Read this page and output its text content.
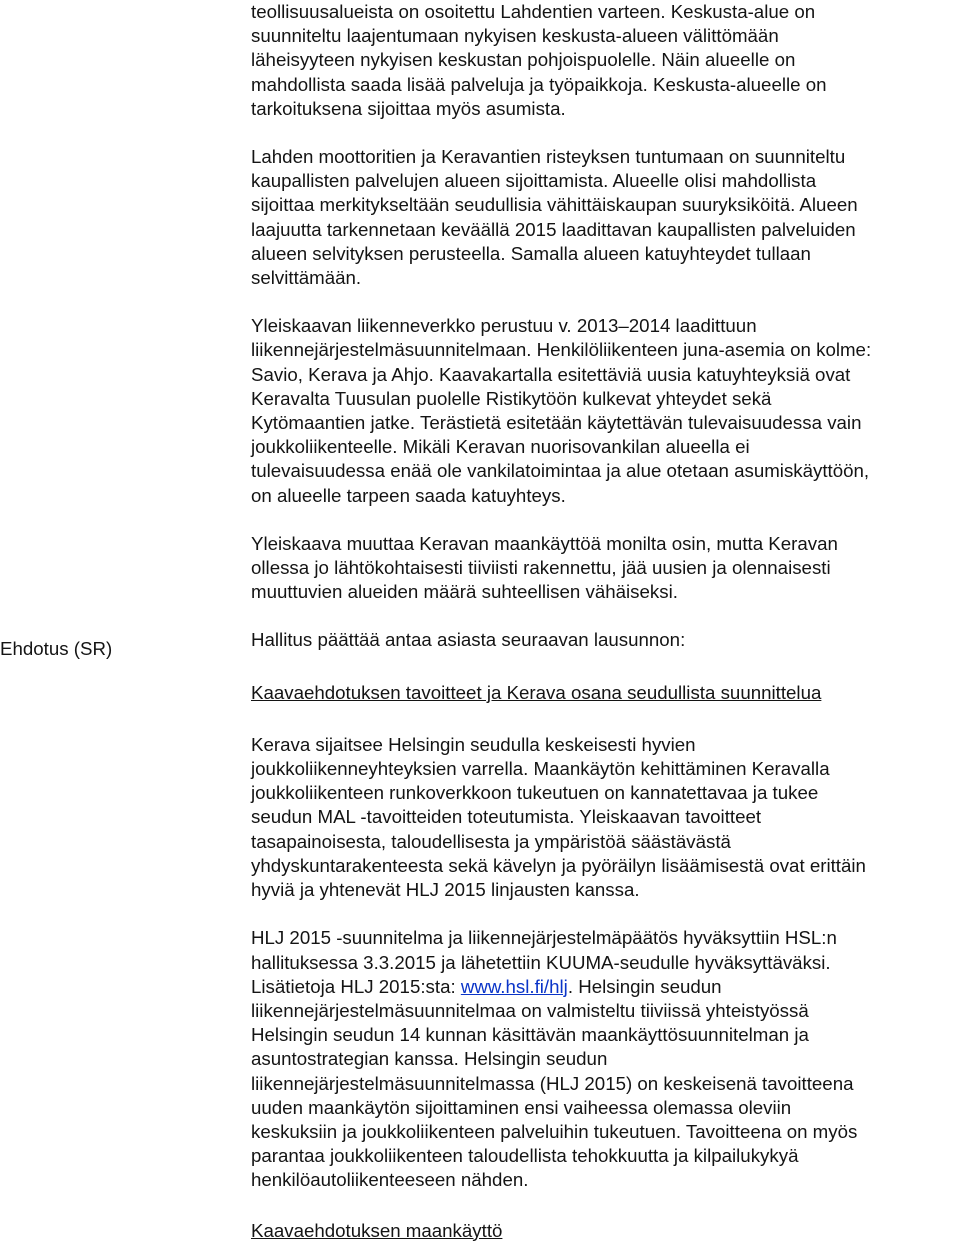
Ehdotus (SR)

teollisuusalueista on osoitettu Lahdentien varteen. Keskusta-alue on
suunniteltu laajentumaan nykyisen keskusta-alueen välittömään
läheisyyteen nykyisen keskustan pohjoispuolelle. Näin alueelle on
mahdollista saada lisää palveluja ja työpaikkoja. Keskusta-alueelle on
tarkoituksena sijoittaa myös asumista.

Lahden moottoritien ja Keravantien risteyksen tuntumaan on suunniteltu
kaupallisten palvelujen alueen sijoittamista. Alueelle olisi mahdollista
sijoittaa merkitykseltään seudullisia vähittäiskaupan suuryksiköitä. Alueen
laajuutta tarkennetaan keväällä 2015 laadittavan kaupallisten palveluiden
alueen selvityksen perusteella. Samalla alueen katuyhteydet tullaan
selvittämään.

Yleiskaavan liikenneverkko perustuu v. 2013–2014 laadittuun
liikennejärjestelmäsuunnitelmaan. Henkilöliikenteen juna-asemia on kolme:
Savio, Kerava ja Ahjo. Kaavakartalla esitettäviä uusia katuyhteyksiä ovat
Keravalta Tuusulan puolelle Ristikytöön kulkevat yhteydet sekä
Kytömaantien jatke. Terästietä esitetään käytettävän tulevaisuudessa vain
joukkoliikenteelle. Mikäli Keravan nuorisovankilan alueella ei
tulevaisuudessa enää ole vankilatoimintaa ja alue otetaan asumiskäyttöön,
on alueelle tarpeen saada katuyhteys.

Yleiskaava muuttaa Keravan maankäyttöä monilta osin, mutta Keravan
ollessa jo lähtökohtaisesti tiiviisti rakennettu, jää uusien ja olennaisesti
muuttuvien alueiden määrä suhteellisen vähäiseksi.

Hallitus päättää antaa asiasta seuraavan lausunnon:

Kaavaehdotuksen tavoitteet ja Kerava osana seudullista suunnittelua

Kerava sijaitsee Helsingin seudulla keskeisesti hyvien
joukkoliikenneyhteyksien varrella. Maankäytön kehittäminen Keravalla
joukkoliikenteen runkoverkkoon tukeutuen on kannatettavaa ja tukee
seudun MAL -tavoitteiden toteutumista. Yleiskaavan tavoitteet
tasapainoisesta, taloudellisesta ja ympäristöä säästävästä
yhdyskuntarakenteesta sekä kävelyn ja pyöräilyn lisäämisestä ovat erittäin
hyviä ja yhtenevät HLJ 2015 linjausten kanssa.

HLJ 2015 -suunnitelma ja liikennejärjestelmäpäätös hyväksyttiin HSL:n
hallituksessa 3.3.2015 ja lähetettiin KUUMA-seudulle hyväksyttäväksi.
Lisätietoja HLJ 2015:sta: www.hsl.fi/hlj. Helsingin seudun
liikennejärjestelmäsuunnitelmaa on valmisteltu tiiviissä yhteistyössä
Helsingin seudun 14 kunnan käsittävän maankäyttösuunnitelman ja
asuntostrategian kanssa. Helsingin seudun
liikennejärjestelmäsuunnitelmassa (HLJ 2015) on keskeisenä tavoitteena
uuden maankäytön sijoittaminen ensi vaiheessa olemassa oleviin
keskuksiin ja joukkoliikenteen palveluihin tukeutuen. Tavoitteena on myös
parantaa joukkoliikenteen taloudellista tehokkuutta ja kilpailukykyä
henkilöautoliikenteeseen nähden.

Kaavaehdotuksen maankäyttö
